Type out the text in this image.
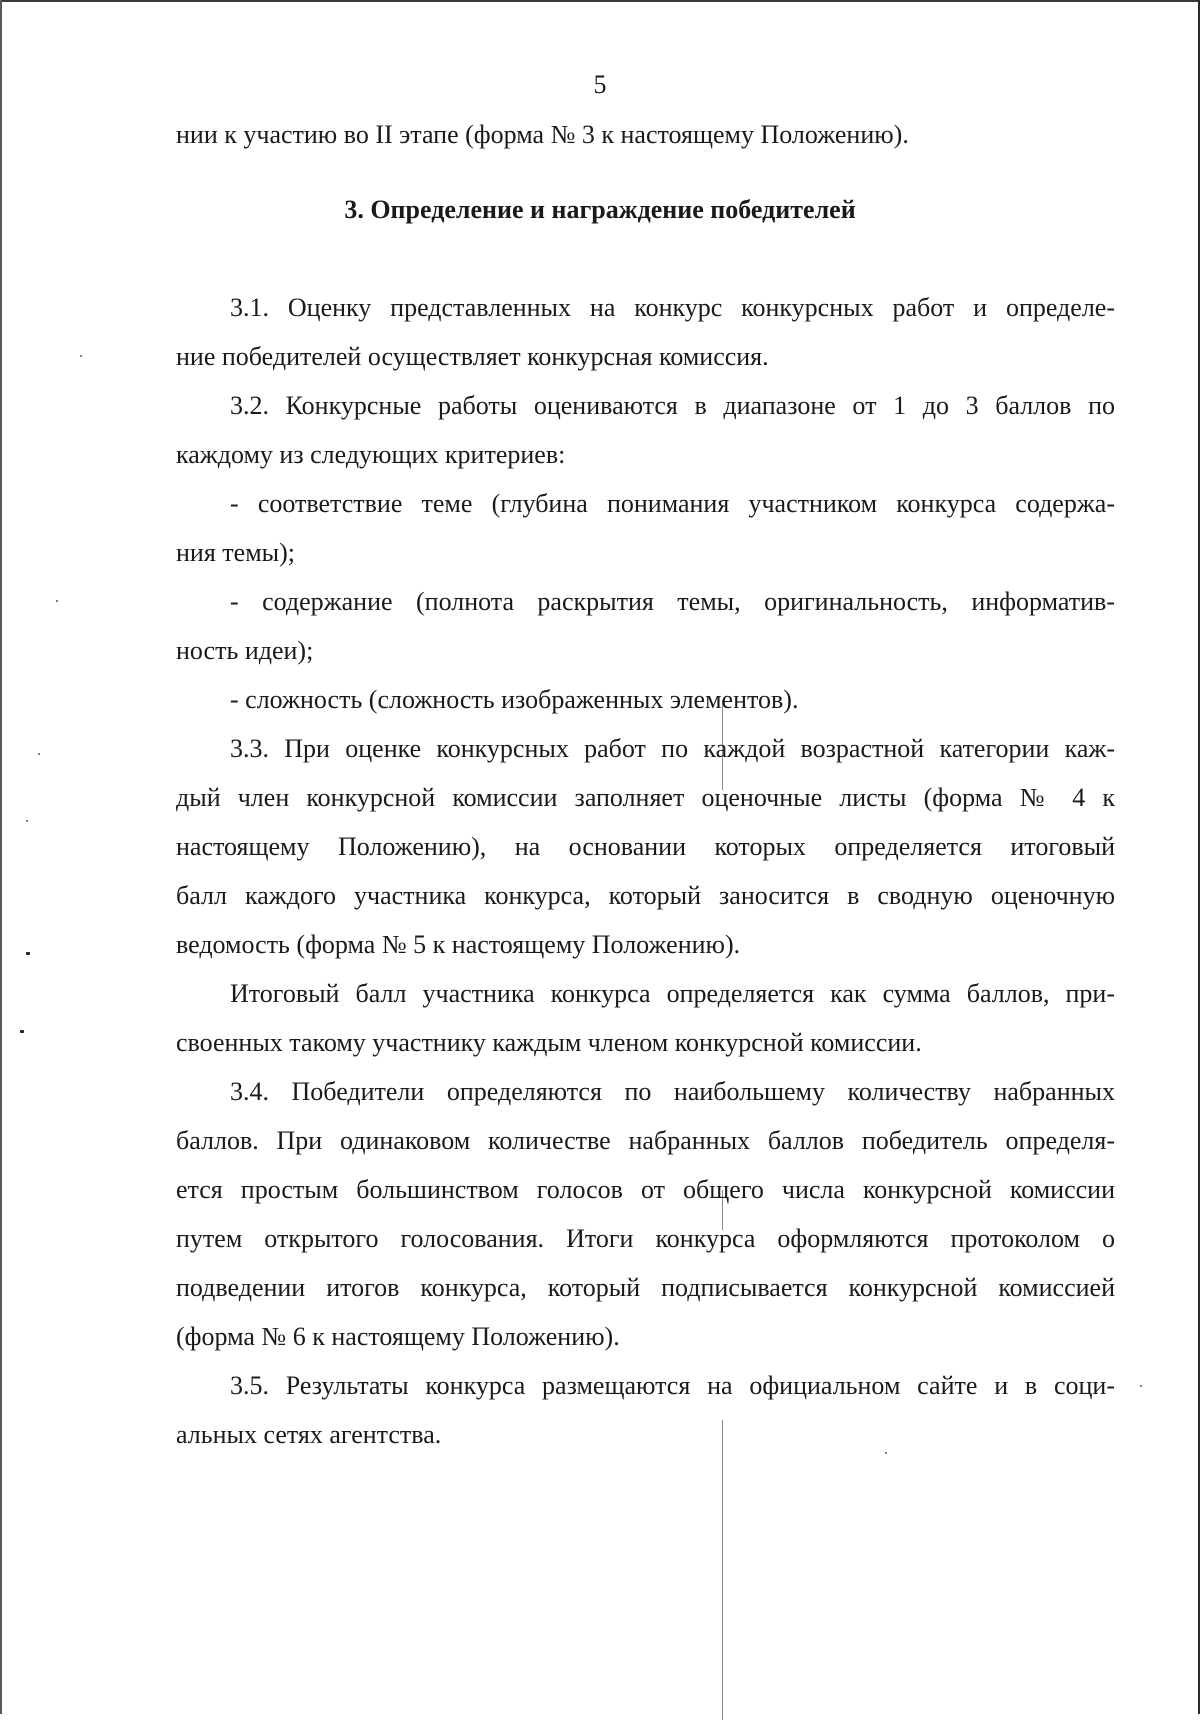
5
нии к участию во II этапе (форма № 3 к настоящему Положению).
3. Определение и награждение победителей
3.1. Оценку представленных на конкурс конкурсных работ и определе-
ние победителей осуществляет конкурсная комиссия.
3.2. Конкурсные работы оцениваются в диапазоне от 1 до 3 баллов по
каждому из следующих критериев:
- соответствие теме (глубина понимания участником конкурса содержа-
ния темы);
- содержание (полнота раскрытия темы, оригинальность, информатив-
ность идеи);
- сложность (сложность изображенных элементов).
3.3. При оценке конкурсных работ по каждой возрастной категории каж-
дый член конкурсной комиссии заполняет оценочные листы (форма № 4 к
настоящему Положению), на основании которых определяется итоговый
балл каждого участника конкурса, который заносится в сводную оценочную
ведомость (форма № 5 к настоящему Положению).
Итоговый балл участника конкурса определяется как сумма баллов, при-
своенных такому участнику каждым членом конкурсной комиссии.
3.4. Победители определяются по наибольшему количеству набранных
баллов. При одинаковом количестве набранных баллов победитель определя-
ется простым большинством голосов от общего числа конкурсной комиссии
путем открытого голосования. Итоги конкурса оформляются протоколом о
подведении итогов конкурса, который подписывается конкурсной комиссией
(форма № 6 к настоящему Положению).
3.5. Результаты конкурса размещаются на официальном сайте и в соци-
альных сетях агентства.
